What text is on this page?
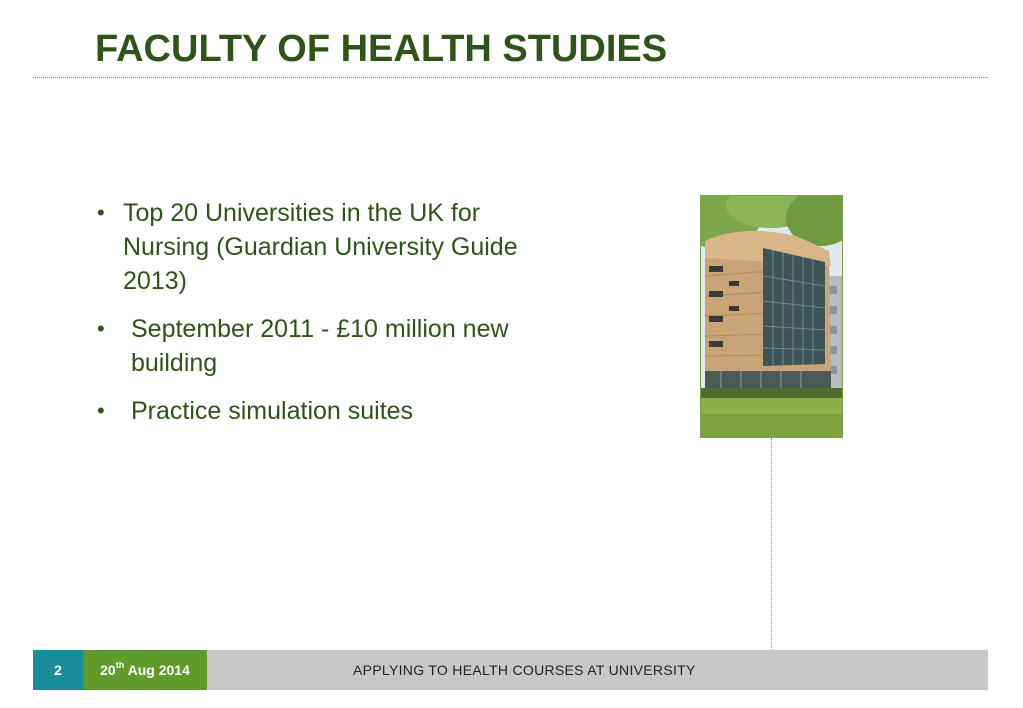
FACULTY OF HEALTH STUDIES
• Top 20 Universities in the UK for Nursing (Guardian University Guide 2013)
• September 2011 - £10 million new building
• Practice simulation suites
2	20th Aug 2014	APPLYING TO HEALTH COURSES AT UNIVERSITY
